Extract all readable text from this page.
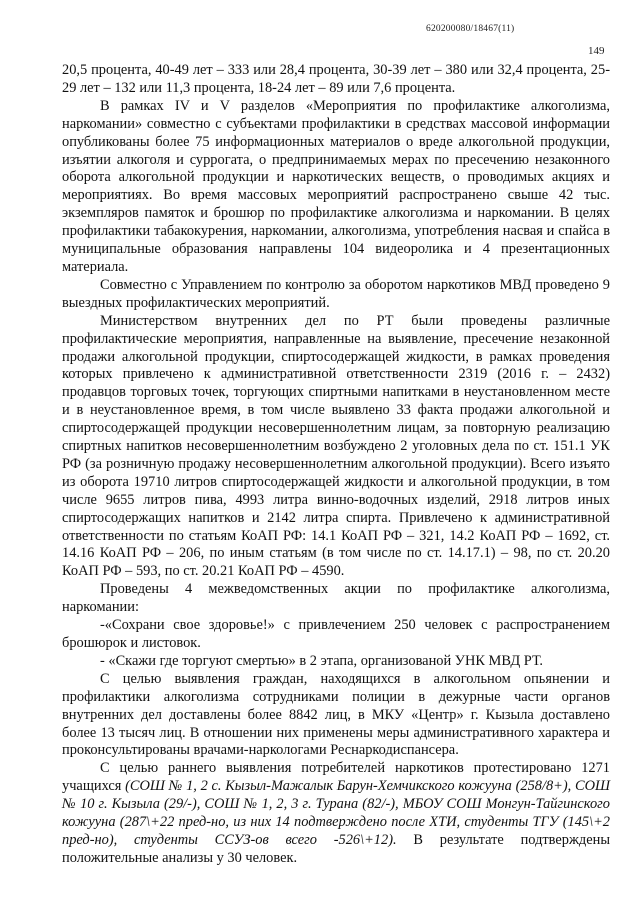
620200080/18467(11)
149

20,5 процента, 40-49 лет – 333 или 28,4 процента, 30-39 лет – 380 или 32,4 процента, 25-29 лет – 132 или 11,3 процента, 18-24 лет – 89 или 7,6 процента.

В рамках IV и V разделов «Мероприятия по профилактике алкоголизма, наркомании» совместно с субъектами профилактики в средствах массовой информации опубликованы более 75 информационных материалов о вреде алкогольной продукции, изъятии алкоголя и суррогата, о предпринимаемых мерах по пресечению незаконного оборота алкогольной продукции и наркотических веществ, о проводимых акциях и мероприятиях. Во время массовых мероприятий распространено свыше 42 тыс. экземпляров памяток и брошюр по профилактике алкоголизма и наркомании. В целях профилактики табакокурения, наркомании, алкоголизма, употребления насвая и спайса в муниципальные образования направлены 104 видеоролика и 4 презентационных материала.

Совместно с Управлением по контролю за оборотом наркотиков МВД проведено 9 выездных профилактических мероприятий.

Министерством внутренних дел по РТ были проведены различные профилактические мероприятия, направленные на выявление, пресечение незаконной продажи алкогольной продукции, спиртосодержащей жидкости, в рамках проведения которых привлечено к административной ответственности 2319 (2016 г. – 2432) продавцов торговых точек, торгующих спиртными напитками в неустановленном месте и в неустановленное время, в том числе выявлено 33 факта продажи алкогольной и спиртосодержащей продукции несовершеннолетним лицам, за повторную реализацию спиртных напитков несовершеннолетним возбуждено 2 уголовных дела по ст. 151.1 УК РФ (за розничную продажу несовершеннолетним алкогольной продукции). Всего изъято из оборота 19710 литров спиртосодержащей жидкости и алкогольной продукции, в том числе 9655 литров пива, 4993 литра винно-водочных изделий, 2918 литров иных спиртосодержащих напитков и 2142 литра спирта. Привлечено к административной ответственности по статьям КоАП РФ: 14.1 КоАП РФ – 321, 14.2 КоАП РФ – 1692, ст. 14.16 КоАП РФ – 206, по иным статьям (в том числе по ст. 14.17.1) – 98, по ст. 20.20 КоАП РФ – 593, по ст. 20.21 КоАП РФ – 4590.

Проведены 4 межведомственных акции по профилактике алкоголизма, наркомании:

-«Сохрани свое здоровье!» с привлечением 250 человек с распространением брошюрок и листовок.

- «Скажи где торгуют смертью» в 2 этапа, организованой УНК МВД РТ.

С целью выявления граждан, находящихся в алкогольном опьянении и профилактики алкоголизма сотрудниками полиции в дежурные части органов внутренних дел доставлены более 8842 лиц, в МКУ «Центр» г. Кызыла доставлено более 13 тысяч лиц. В отношении них применены меры административного характера и проконсультированы врачами-наркологами Реснаркодиспансера.

С целью раннего выявления потребителей наркотиков протестировано 1271 учащихся (СОШ № 1, 2 с. Кызыл-Мажалык Барун-Хемчикского кожууна (258/8+), СОШ № 10 г. Кызыла (29/-), СОШ № 1, 2, 3 г. Турана (82/-), МБОУ СОШ Монгун-Тайгинского кожууна (287\+22 пред-но, из них 14 подтверждено после ХТИ, студенты ТГУ (145\+2 пред-но), студенты ССУЗ-ов всего -526\+12). В результате подтверждены положительные анализы у 30 человек.
